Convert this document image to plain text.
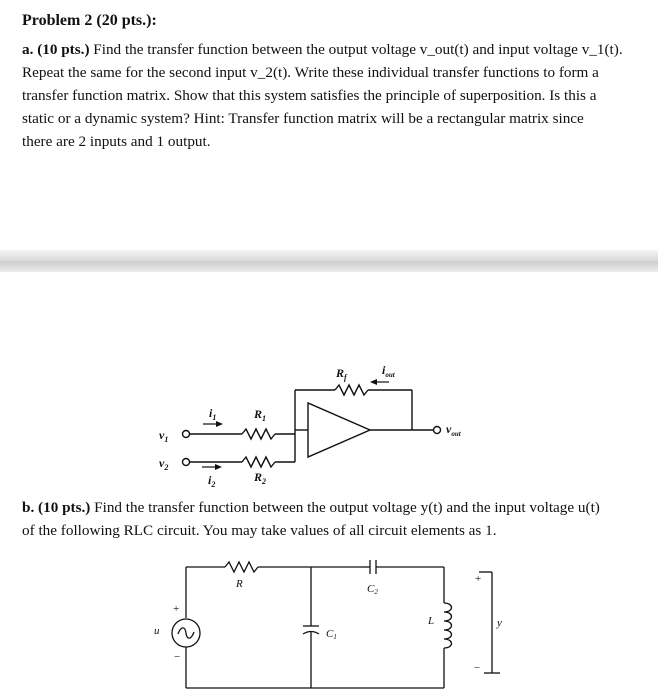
Problem 2 (20 pts.):
a. (10 pts.) Find the transfer function between the output voltage v_out(t) and input voltage v_1(t).
Repeat the same for the second input v_2(t). Write these individual transfer functions to form a
transfer function matrix. Show that this system satisfies the principle of superposition. Is this a
static or a dynamic system? Hint: Transfer function matrix will be a rectangular matrix since
there are 2 inputs and 1 output.
$v_1$
$v_2$
$i_1$
$i_2$
$R_1$
$R_2$
$R_f$
$i_{out}$
$v_{out}$
u
+
−
R
C1
C2
L	y
+
−
b. (10 pts.) Find the transfer function between the output voltage y(t) and the input voltage u(t)
of the following RLC circuit. You may take values of all circuit elements as 1.
